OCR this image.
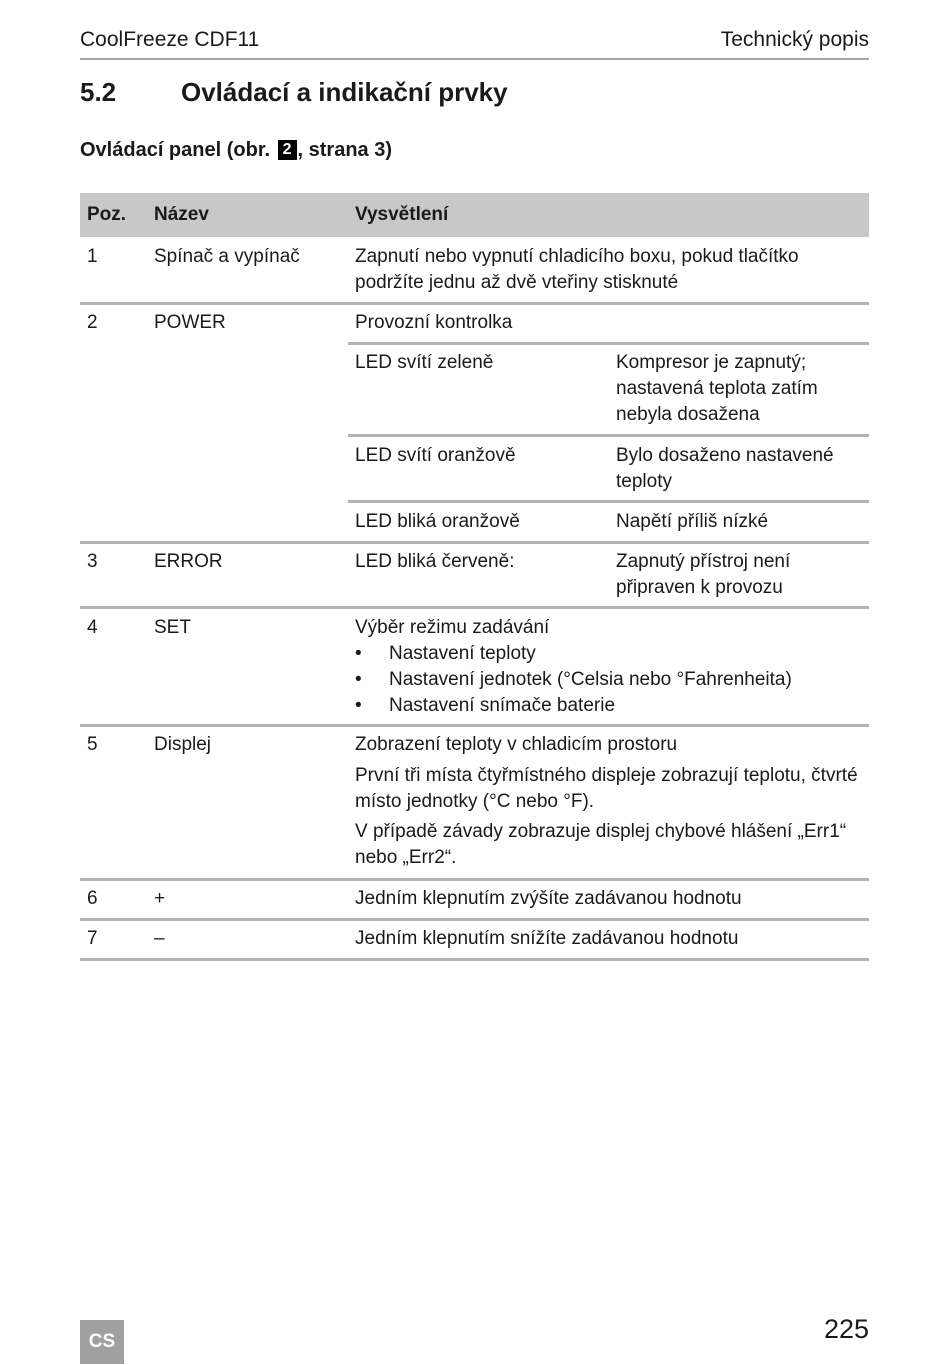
CoolFreeze CDF11	Technický popis
5.2 Ovládací a indikační prvky
Ovládací panel (obr. 2 , strana 3)
Poz. Název	Vysvětlení
1	Spínač a vypínač	Zapnutí nebo vypnutí chladicího boxu, pokud tlačítko
podržíte jednu až dvě vteřiny stisknuté
2	POWER	Provozní kontrolka
LED svítí zeleně	Kompresor je zapnutý;
nastavená teplota zatím
nebyla dosažena
LED svítí oranžově	Bylo dosaženo nastavené
teploty
LED bliká oranžově	Napětí příliš nízké
3	ERROR	LED bliká červeně:	Zapnutý přístroj není
připraven k provozu
4	SET	Výběr režimu zadávání
• Nastavení teploty
• Nastavení jednotek (°Celsia nebo °Fahrenheita)
• Nastavení snímače baterie
5	Displej	Zobrazení teploty v chladicím prostoru
První tři místa čtyřmístného displeje zobrazují teplotu, čtvrté
místo jednotky (°C nebo °F).
V případě závady zobrazuje displej chybové hlášení „Err1“
nebo „Err2“.
6	+	Jedním klepnutím zvýšíte zadávanou hodnotu
7	–	Jedním klepnutím snížíte zadávanou hodnotu
CS	225
